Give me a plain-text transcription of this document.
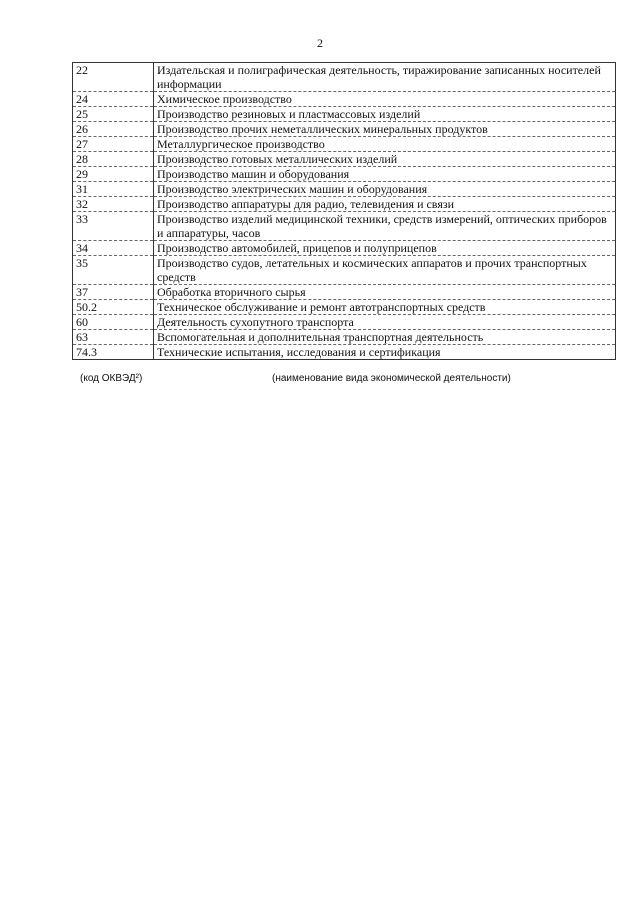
2
22	Издательская и полиграфическая деятельность, тиражирование записанных носителей информации
24	Химическое производство
25	Производство резиновых и пластмассовых изделий
26	Производство прочих неметаллических минеральных продуктов
27	Металлургическое производство
28	Производство готовых металлических изделий
29	Производство машин и оборудования
31	Производство электрических машин и оборудования
32	Производство аппаратуры для радио, телевидения и связи
33	Производство изделий медицинской техники, средств измерений, оптических приборов и аппаратуры, часов
34	Производство автомобилей, прицепов и полуприцепов
35	Производство судов, летательных и космических аппаратов и прочих транспортных средств
37	Обработка вторичного сырья
50.2	Техническое обслуживание и ремонт автотранспортных средств
60	Деятельность сухопутного транспорта
63	Вспомогательная и дополнительная транспортная деятельность
74.3	Технические испытания, исследования и сертификация
(код ОКВЭД²)	(наименование вида экономической деятельности)
